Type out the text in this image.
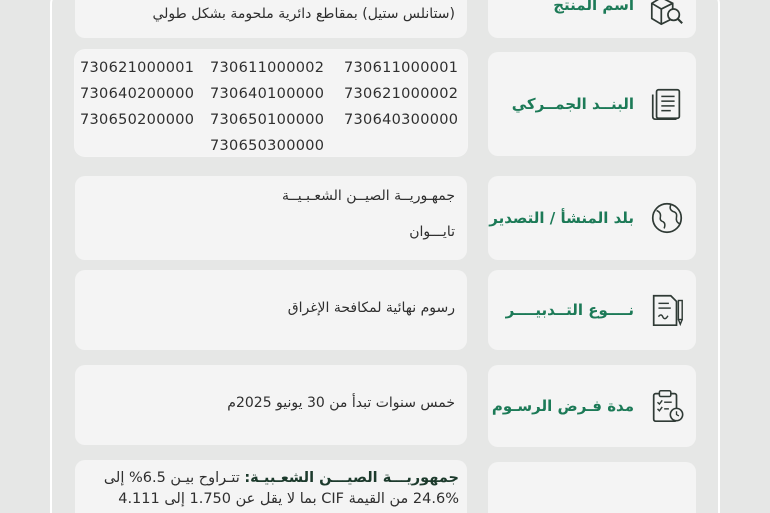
(ستانلس ستيل) بمقاطع دائرية ملحومة بشكل طولي	اسم المنتج
730621000001	730611000002	730611000001
730640200000	730640100000	730621000002
730650200000	730650100000	730640300000
730650300000
البنــد الجمــركي
جمهـوريــة الصيــن الشعـبـيــة
تايـــوان
بلد المنشأ / التصدير
رسوم نهائية لمكافحة الإغراق	نــــوع التــدبيــــر
خمس سنوات تبدأ من 30 يونيو 2025م مدة فـرض الرسـوم
جمهوريـــة الصيـــن الشعـبيـة: تتـراوح بيـن 6.5% إلى
24.6% من القيمة CIF بما لا يقل عن 1.750 إلى 4.111
